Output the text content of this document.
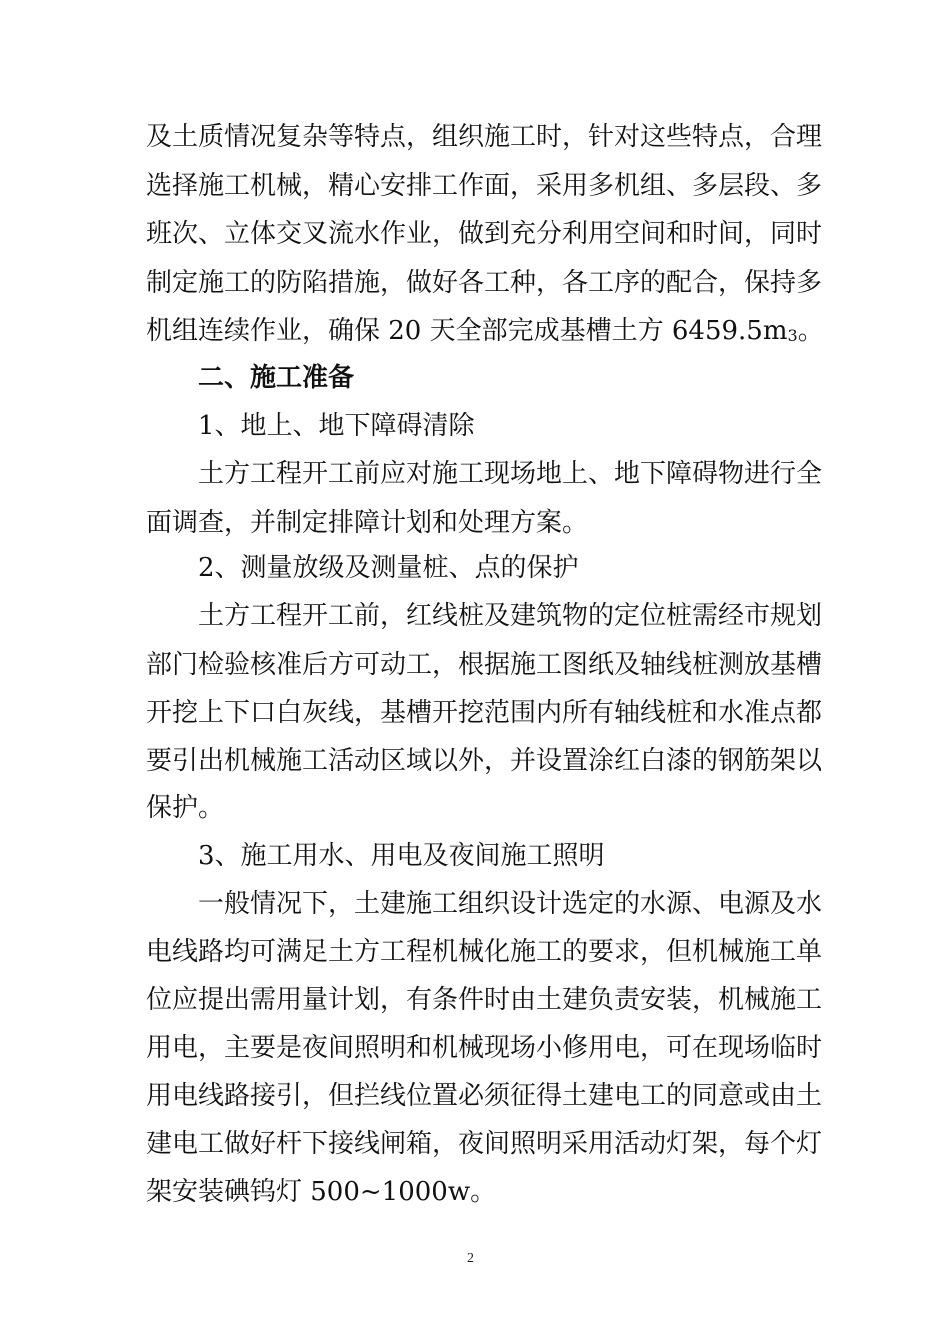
及土质情况复杂等特点，组织施工时，针对这些特点，合理
选择施工机械，精心安排工作面，采用多机组、多层段、多
班次、立体交叉流水作业，做到充分利用空间和时间，同时
制定施工的防陷措施，做好各工种，各工序的配合，保持多
机组连续作业，确保 20 天全部完成基槽土方 6459.5m3。
二、施工准备
1、地上、地下障碍清除
土方工程开工前应对施工现场地上、地下障碍物进行全
面调查，并制定排障计划和处理方案。
2、测量放级及测量桩、点的保护
土方工程开工前，红线桩及建筑物的定位桩需经市规划
部门检验核准后方可动工，根据施工图纸及轴线桩测放基槽
开挖上下口白灰线，基槽开挖范围内所有轴线桩和水准点都
要引出机械施工活动区域以外，并设置涂红白漆的钢筋架以
保护。
3、施工用水、用电及夜间施工照明
一般情况下，土建施工组织设计选定的水源、电源及水
电线路均可满足土方工程机械化施工的要求，但机械施工单
位应提出需用量计划，有条件时由土建负责安装，机械施工
用电，主要是夜间照明和机械现场小修用电，可在现场临时
用电线路接引，但拦线位置必须征得土建电工的同意或由土
建电工做好杆下接线闸箱，夜间照明采用活动灯架，每个灯
架安装碘钨灯 500~1000w。
2
